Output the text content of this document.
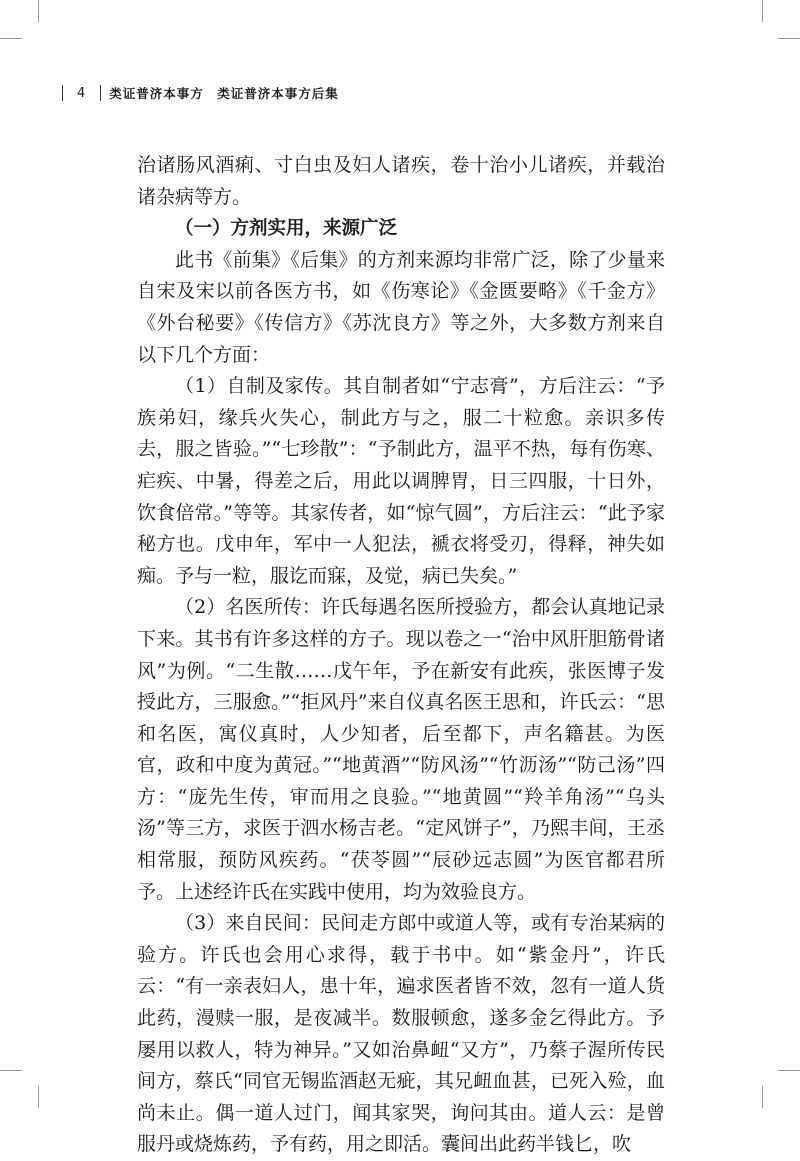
4 类证普济本事方　类证普济本事方后集

治诸肠风酒痢、寸白虫及妇人诸疾，卷十治小儿诸疾，并载治诸杂病等方。

（一）方剂实用，来源广泛

此书《前集》《后集》的方剂来源均非常广泛，除了少量来自宋及宋以前各医方书，如《伤寒论》《金匮要略》《千金方》《外台秘要》《传信方》《苏沈良方》等之外，大多数方剂来自以下几个方面：

（1）自制及家传。其自制者如“宁志膏”，方后注云：“予族弟妇，缘兵火失心，制此方与之，服二十粒愈。亲识多传去，服之皆验。”“七珍散”：“予制此方，温平不热，每有伤寒、疟疾、中暑，得差之后，用此以调脾胃，日三四服，十日外，饮食倍常。”等等。其家传者，如“惊气圆”，方后注云：“此予家秘方也。戊申年，军中一人犯法，褫衣将受刃，得释，神失如痴。予与一粒，服讫而寐，及觉，病已失矣。”

（2）名医所传：许氏每遇名医所授验方，都会认真地记录下来。其书有许多这样的方子。现以卷之一“治中风肝胆筋骨诸风”为例。“二生散……戊午年，予在新安有此疾，张医博子发授此方，三服愈。”“拒风丹”来自仪真名医王思和，许氏云：“思和名医，寓仪真时，人少知者，后至都下，声名籍甚。为医官，政和中度为黄冠。”“地黄酒”“防风汤”“竹沥汤”“防己汤”四方：“庞先生传，审而用之良验。”“地黄圆”“羚羊角汤”“乌头汤”等三方，求医于泗水杨吉老。“定风饼子”，乃熙丰间，王丞相常服，预防风疾药。“茯苓圆”“辰砂远志圆”为医官都君所予。上述经许氏在实践中使用，均为效验良方。

（3）来自民间：民间走方郎中或道人等，或有专治某病的验方。许氏也会用心求得，载于书中。如“紫金丹”，许氏云：“有一亲表妇人，患十年，遍求医者皆不效，忽有一道人货此药，漫赎一服，是夜减半。数服顿愈，遂多金乞得此方。予屡用以救人，特为神异。”又如治鼻衄“又方”，乃蔡子渥所传民间方，蔡氏“同官无锡监酒赵无疵，其兄衄血甚，已死入殓，血尚未止。偶一道人过门，闻其家哭，询问其由。道人云：是曾服丹或烧炼药，予有药，用之即活。囊间出此药半钱匕，吹
